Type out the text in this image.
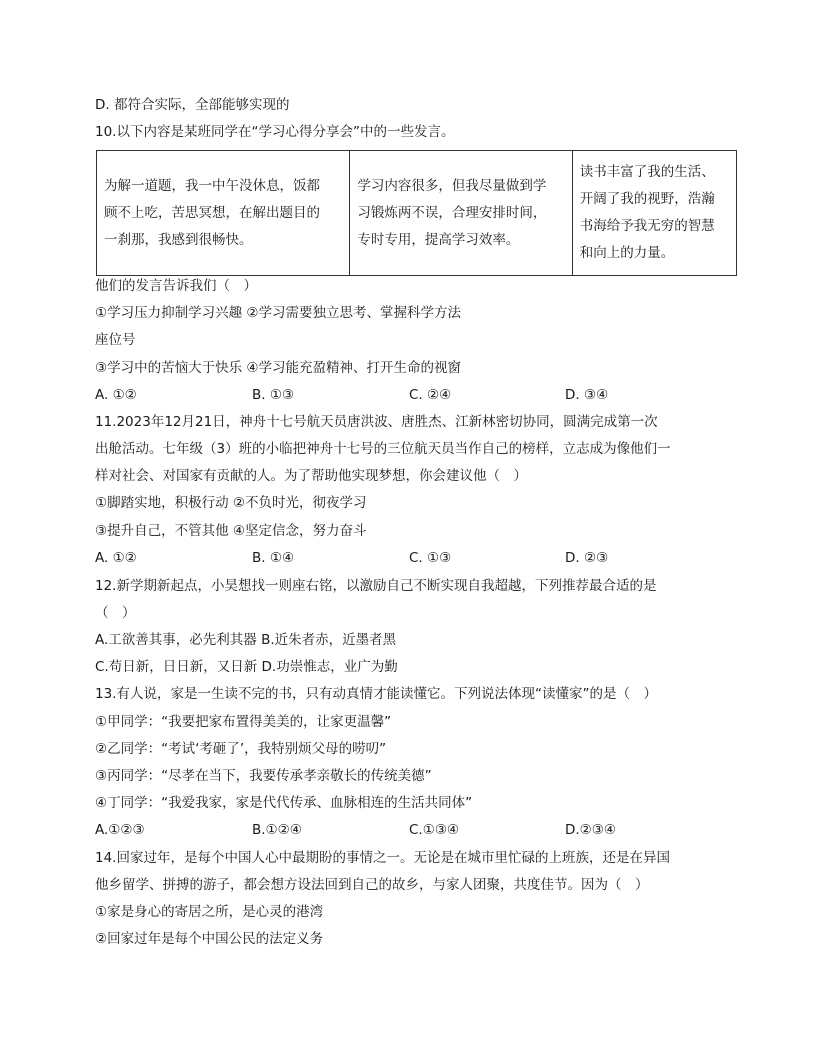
D. 都符合实际，全部能够实现的
10.以下内容是某班同学在“学习心得分享会”中的一些发言。
为解一道题，我一中午没休息，饭都
顾不上吃，苦思冥想，在解出题目的
一刹那，我感到很畅快。

学习内容很多，但我尽量做到学
习锻炼两不误，合理安排时间，
专时专用，提高学习效率。

读书丰富了我的生活、
开阔了我的视野，浩瀚
书海给予我无穷的智慧
和向上的力量。
他们的发言告诉我们（　）
①学习压力抑制学习兴趣 ②学习需要独立思考、掌握科学方法
座位号
③学习中的苦恼大于快乐 ④学习能充盈精神、打开生命的视窗
A. ①②	B. ①③	C. ②④	D. ③④
11.2023年12月21日，神舟十七号航天员唐洪波、唐胜杰、江新林密切协同，圆满完成第一次
出舱活动。七年级（3）班的小临把神舟十七号的三位航天员当作自己的榜样，立志成为像他们一
样对社会、对国家有贡献的人。为了帮助他实现梦想，你会建议他（　）
①脚踏实地，积极行动 ②不负时光，彻夜学习
③提升自己，不管其他 ④坚定信念，努力奋斗
A. ①②	B. ①④	C. ①③	D. ②③
12.新学期新起点，小昊想找一则座右铭，以激励自己不断实现自我超越，下列推荐最合适的是
（　）
A.工欲善其事，必先利其器 B.近朱者赤，近墨者黑
C.苟日新，日日新，又日新 D.功崇惟志，业广为勤
13.有人说，家是一生读不完的书，只有动真情才能读懂它。下列说法体现“读懂家”的是（　）
①甲同学：“我要把家布置得美美的，让家更温馨”
②乙同学：“考试‘考砸了’，我特别烦父母的唠叨”
③丙同学：“尽孝在当下，我要传承孝亲敬长的传统美德”
④丁同学：“我爱我家，家是代代传承、血脉相连的生活共同体”
A.①②③	B.①②④	C.①③④	D.②③④
14.回家过年，是每个中国人心中最期盼的事情之一。无论是在城市里忙碌的上班族，还是在异国
他乡留学、拼搏的游子，都会想方设法回到自己的故乡，与家人团聚，共度佳节。因为（　）
①家是身心的寄居之所，是心灵的港湾
②回家过年是每个中国公民的法定义务
